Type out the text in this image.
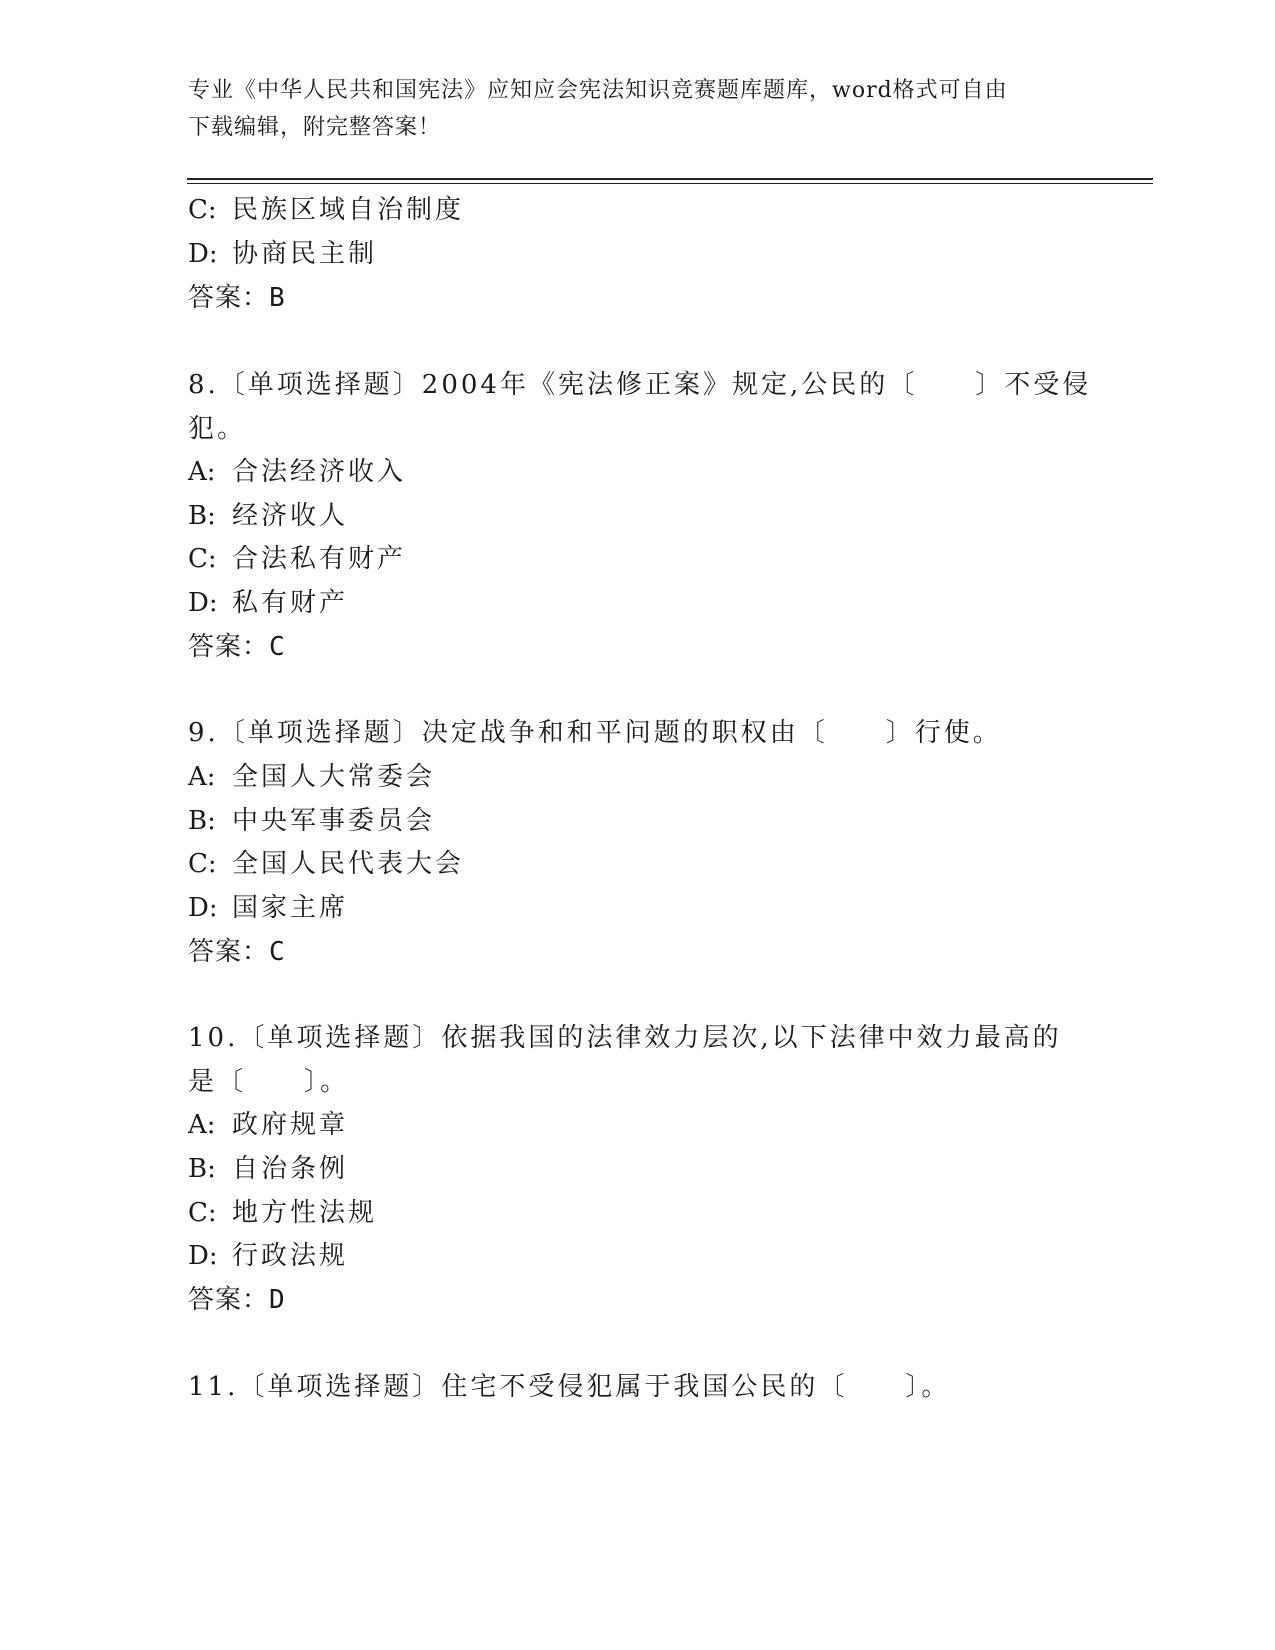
专业《中华人民共和国宪法》应知应会宪法知识竞赛题库题库，word格式可自由
下载编辑，附完整答案！
C: 民族区域自治制度
D: 协商民主制
答案：B
8.〔单项选择题〕2004年《宪法修正案》规定,公民的〔　　〕不受侵
犯。
A: 合法经济收入
B: 经济收人
C: 合法私有财产
D: 私有财产
答案：C
9.〔单项选择题〕决定战争和和平问题的职权由〔　　〕行使。
A: 全国人大常委会
B: 中央军事委员会
C: 全国人民代表大会
D: 国家主席
答案：C
10.〔单项选择题〕依据我国的法律效力层次,以下法律中效力最高的
是〔　　〕。
A: 政府规章
B: 自治条例
C: 地方性法规
D: 行政法规
答案：D
11.〔单项选择题〕住宅不受侵犯属于我国公民的〔　　〕。
